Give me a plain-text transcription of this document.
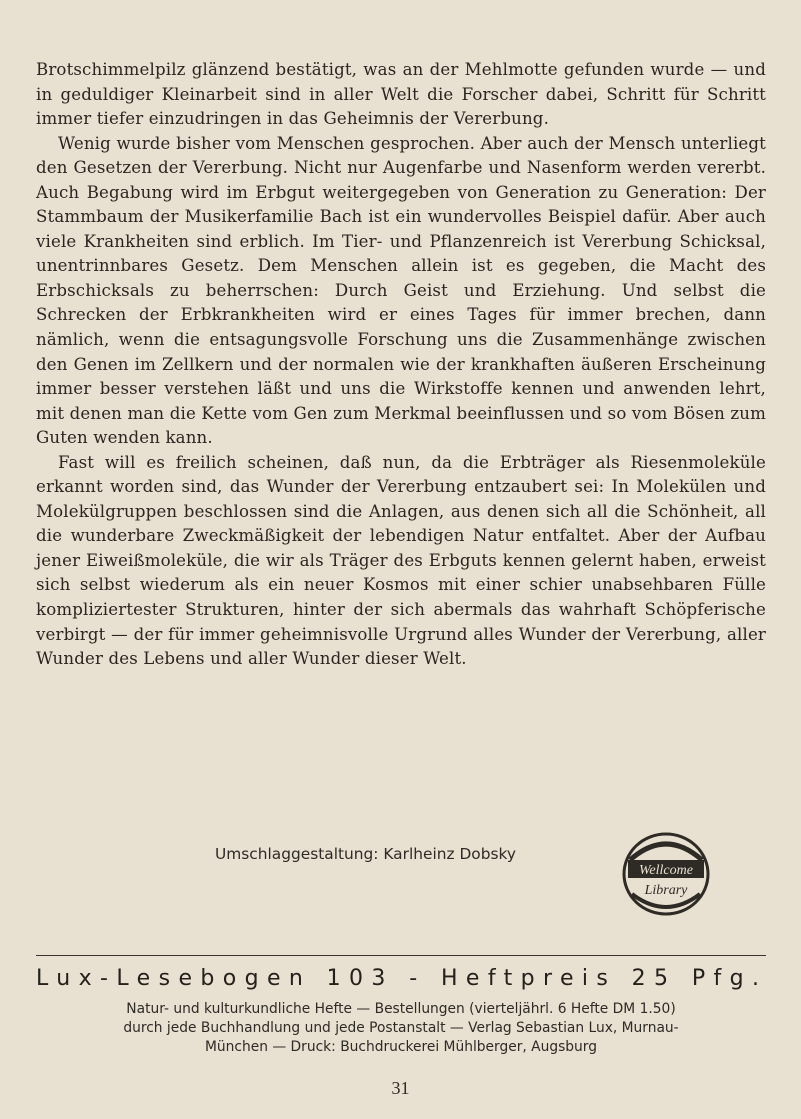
Brotschimmelpilz glänzend bestätigt, was an der Mehlmotte gefunden wurde — und in geduldiger Kleinarbeit sind in aller Welt die Forscher dabei, Schritt für Schritt immer tiefer einzudringen in das Geheimnis der Vererbung.

Wenig wurde bisher vom Menschen gesprochen. Aber auch der Mensch unterliegt den Gesetzen der Vererbung. Nicht nur Augenfarbe und Nasenform werden vererbt. Auch Begabung wird im Erbgut weitergegeben von Generation zu Generation: Der Stammbaum der Musikerfamilie Bach ist ein wundervolles Beispiel dafür. Aber auch viele Krankheiten sind erblich. Im Tier- und Pflanzenreich ist Vererbung Schicksal, unentrinnbares Gesetz. Dem Menschen allein ist es gegeben, die Macht des Erbschicksals zu beherrschen: Durch Geist und Erziehung. Und selbst die Schrecken der Erbkrankheiten wird er eines Tages für immer brechen, dann nämlich, wenn die entsagungsvolle Forschung uns die Zusammenhänge zwischen den Genen im Zellkern und der normalen wie der krankhaften äußeren Erscheinung immer besser verstehen läßt und uns die Wirkstoffe kennen und anwenden lehrt, mit denen man die Kette vom Gen zum Merkmal beeinflussen und so vom Bösen zum Guten wenden kann.

Fast will es freilich scheinen, daß nun, da die Erbträger als Riesenmoleküle erkannt worden sind, das Wunder der Vererbung entzaubert sei: In Molekülen und Molekülgruppen beschlossen sind die Anlagen, aus denen sich all die Schönheit, all die wunderbare Zweckmäßigkeit der lebendigen Natur entfaltet. Aber der Aufbau jener Eiweißmoleküle, die wir als Träger des Erbguts kennen gelernt haben, erweist sich selbst wiederum als ein neuer Kosmos mit einer schier unabsehbaren Fülle kompliziertester Strukturen, hinter der sich abermals das wahrhaft Schöpferische verbirgt — der für immer geheimnisvolle Urgrund alles Wunder der Vererbung, aller Wunder des Lebens und aller Wunder dieser Welt.

Umschlaggestaltung: Karlheinz Dobsky
Wellcome
Library
Lux-Lesebogen 103 - Heftpreis 25 Pfg.
Natur- und kulturkundliche Hefte — Bestellungen (vierteljährl. 6 Hefte DM 1.50)
durch jede Buchhandlung und jede Postanstalt — Verlag Sebastian Lux, Murnau-
München — Druck: Buchdruckerei Mühlberger, Augsburg
31
